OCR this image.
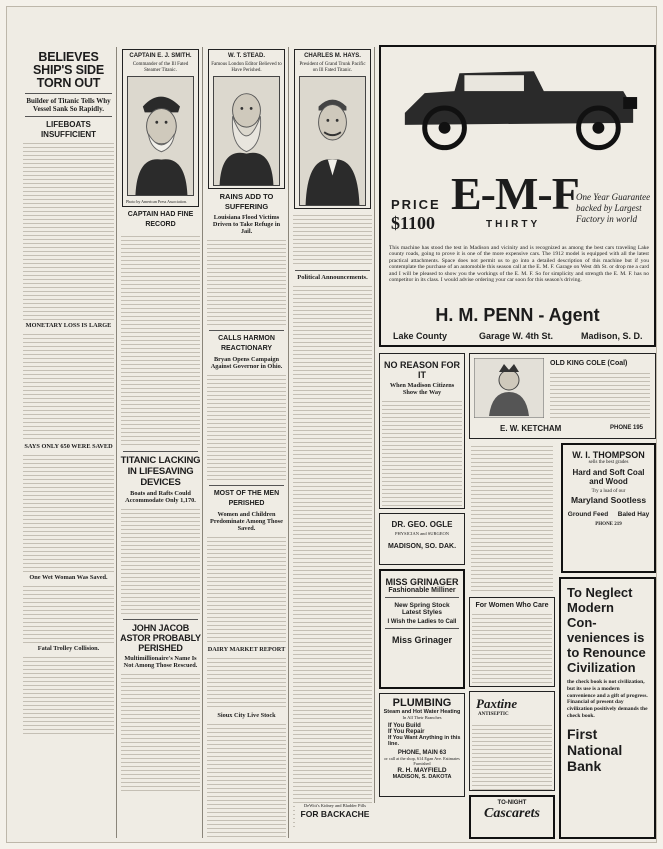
BELIEVES SHIP'S SIDE TORN OUT
Builder of Titanic Tells Why Vessel Sank So Rapidly.
LIFEBOATS INSUFFICIENT
MONETARY LOSS IS LARGE
SAYS ONLY 650 WERE SAVED
One Wet Woman Was Saved.
Fatal Trolley Collision.
CAPTAIN E. J. SMITH.
Commander of the Ill Fated Steamer Titanic.
Photo by American Press Association.
CAPTAIN HAD FINE RECORD
TITANIC LACKING IN LIFESAVING DEVICES
Boats and Rafts Could Accommodate Only 1,170.
JOHN JACOB ASTOR PROBABLY PERISHED
Multimillionaire's Name Is Not Among Those Rescued.
W. T. STEAD.
Famous London Editor Believed to Have Perished.
RAINS ADD TO SUFFERING
Louisiana Flood Victims Driven to Take Refuge in Jail.
CALLS HARMON REACTIONARY
Bryan Opens Campaign Against Governor in Ohio.
MOST OF THE MEN PERISHED
Women and Children Predominate Among Those Saved.
DAIRY MARKET REPORT
Sioux City Live Stock
CHARLES M. HAYS.
President of Grand Trunk Pacific on Ill Fated Titanic.
Political Announcements.
PRICE
$1100
E-M-F
THIRTY
One Year Guarantee backed by Largest Factory in world
This machine has stood the test in Madison and vicinity and is recognized as among the best cars traveling Lake county roads, going to prove it is one of the more expensive cars. The 1912 model is equipped with all the latest practical attachments. Space does not permit us to go into a detailed description of this machine but if you contemplate the purchase of an automobile this season call at the E. M. F. Garage on West 4th St. or drop me a card and I will be pleased to show you the workings of the E. M. F. So for simplicity and strength the E. M. F. has no competitor in its class. I would advise ordering your car soon for this season's driving.
H. M. PENN - Agent
Lake County	Garage W. 4th St.	Madison, S. D.
NO REASON FOR IT
When Madison Citizens Show the Way
OLD KING COLE (Coal)
E. W. KETCHAM	PHONE 195
W. I. THOMPSON
sells the best grades
Hard and Soft Coal
and Wood
Try a load of our
Maryland Sootless
Ground Feed Baled Hay
PHONE 219
DR. GEO. OGLE
PHYSICIAN and SURGEON
MADISON, SO. DAK.
MISS GRINAGER
Fashionable Milliner
New Spring Stock
Latest Styles
I Wish the Ladies to Call
Miss Grinager
For Women Who Care
Paxtine
ANTISEPTIC
PLUMBING
Steam and Hot Water Heating
In All Their Branches
If You Build
If You Repair
If You Want Anything in this line.
PHONE, MAIN 63
or call at the shop, 614 Egan Ave. Estimates Furnished
R. H. MAYFIELD
MADISON, S. DAKOTA
DeWitt's Kidney and Bladder Pills
FOR BACKACHE
TO-NIGHT
Cascarets
To Neglect
Modern
Con-
veniences is
to Renounce
Civilization
the check book is not civilization, but its use is a modern convenience and a gift of progress. Financial of present day civilization positively demands the check book.
First
National
Bank
